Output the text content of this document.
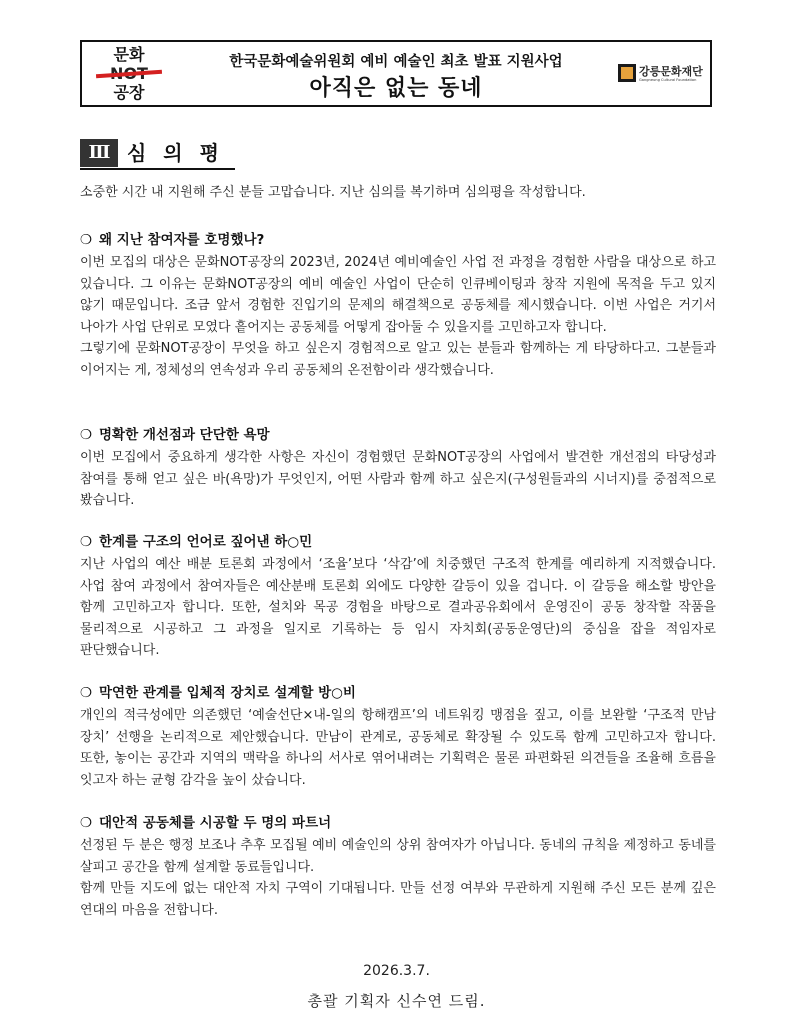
문화
공장
한국문화예술위원회 예비 예술인 최초 발표 지원사업
아직은 없는 동네
강릉문화재단
Gangneung Cultural Foundation
Ⅲ 심 의 평
소중한 시간 내 지원해 주신 분들 고맙습니다. 지난 심의를 복기하며 심의평을 작성합니다.
❍ 왜 지난 참여자를 호명했나?
이번 모집의 대상은 문화NOT공장의 2023년, 2024년 예비예술인 사업 전 과정을 경험한 사람을 대상으로 하고 있습니다. 그 이유는 문화NOT공장의 예비 예술인 사업이 단순히 인큐베이팅과 창작 지원에 목적을 두고 있지 않기 때문입니다. 조금 앞서 경험한 진입기의 문제의 해결책으로 공동체를 제시했습니다. 이번 사업은 거기서 나아가 사업 단위로 모였다 흩어지는 공동체를 어떻게 잡아둘 수 있을지를 고민하고자 합니다.
그렇기에 문화NOT공장이 무엇을 하고 싶은지 경험적으로 알고 있는 분들과 함께하는 게 타당하다고. 그분들과 이어지는 게, 정체성의 연속성과 우리 공동체의 온전함이라 생각했습니다.
❍ 명확한 개선점과 단단한 욕망
이번 모집에서 중요하게 생각한 사항은 자신이 경험했던 문화NOT공장의 사업에서 발견한 개선점의 타당성과 참여를 통해 얻고 싶은 바(욕망)가 무엇인지, 어떤 사람과 함께 하고 싶은지(구성원들과의 시너지)를 중점적으로 봤습니다.
❍ 한계를 구조의 언어로 짚어낸 하○민
지난 사업의 예산 배분 토론회 과정에서 ‘조율’보다 ‘삭감’에 치중했던 구조적 한계를 예리하게 지적했습니다. 사업 참여 과정에서 참여자들은 예산분배 토론회 외에도 다양한 갈등이 있을 겁니다. 이 갈등을 해소할 방안을 함께 고민하고자 합니다. 또한, 설치와 목공 경험을 바탕으로 결과공유회에서 운영진이 공동 창작할 작품을 물리적으로 시공하고 그 과정을 일지로 기록하는 등 임시 자치회(공동운영단)의 중심을 잡을 적임자로 판단했습니다.
❍ 막연한 관계를 입체적 장치로 설계할 방○비
개인의 적극성에만 의존했던 ‘예술선단×내-일의 항해캠프’의 네트워킹 맹점을 짚고, 이를 보완할 ‘구조적 만남 장치’ 선행을 논리적으로 제안했습니다. 만남이 관계로, 공동체로 확장될 수 있도록 함께 고민하고자 합니다. 또한, 놓이는 공간과 지역의 맥락을 하나의 서사로 엮어내려는 기획력은 물론 파편화된 의견들을 조율해 흐름을 잇고자 하는 균형 감각을 높이 샀습니다.
❍ 대안적 공동체를 시공할 두 명의 파트너
선정된 두 분은 행정 보조나 추후 모집될 예비 예술인의 상위 참여자가 아닙니다. 동네의 규칙을 제정하고 동네를 살피고 공간을 함께 설계할 동료들입니다.
함께 만들 지도에 없는 대안적 자치 구역이 기대됩니다. 만들 선정 여부와 무관하게 지원해 주신 모든 분께 깊은 연대의 마음을 전합니다.
2026.3.7.
총괄 기획자 신수연 드림.
